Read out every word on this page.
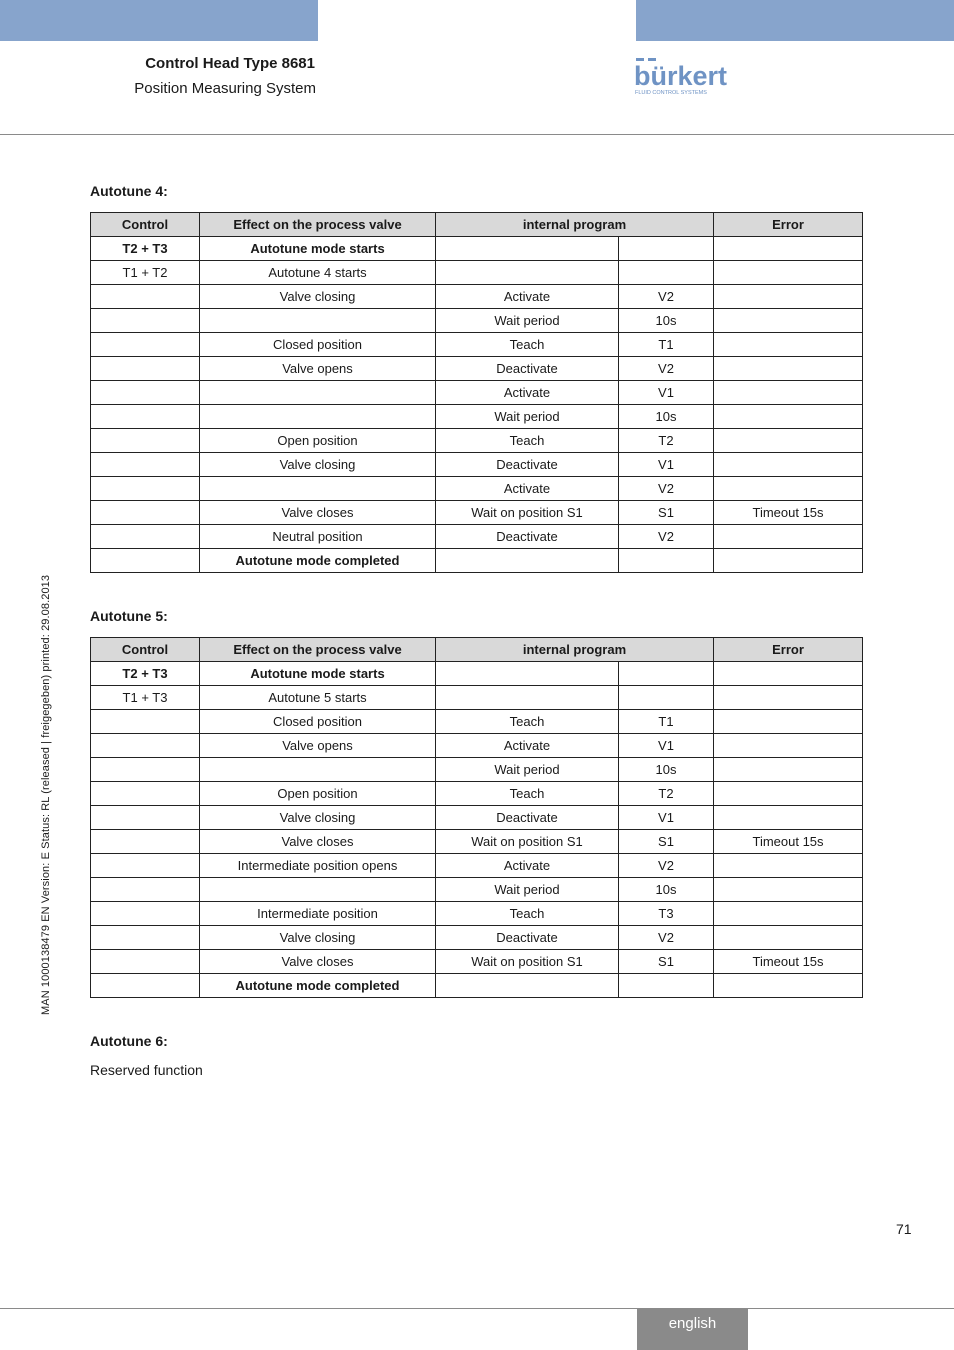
Control Head Type 8681
Position Measuring System	bürkert
FLUID CONTROL SYSTEMS
Autotune 4:
Control	Effect on the process valve	internal program		Error
T2 + T3	Autotune mode starts			
T1 + T2	Autotune 4 starts			
	Valve closing	Activate	V2	
		Wait period	10s	
	Closed position	Teach	T1	
	Valve opens	Deactivate	V2	
		Activate	V1	
		Wait period	10s	
	Open position	Teach	T2	
	Valve closing	Deactivate	V1	
		Activate	V2	
	Valve closes	Wait on position S1	S1	Timeout 15s
	Neutral position	Deactivate	V2	
	Autotune mode completed			
Autotune 5:
Control	Effect on the process valve	internal program		Error
T2 + T3	Autotune mode starts			
T1 + T3	Autotune 5 starts			
	Closed position	Teach	T1	
	Valve opens	Activate	V1	
		Wait period	10s	
	Open position	Teach	T2	
	Valve closing	Deactivate	V1	
	Valve closes	Wait on position S1	S1	Timeout 15s
	Intermediate position opens	Activate	V2	
		Wait period	10s	
	Intermediate position	Teach	T3	
	Valve closing	Deactivate	V2	
	Valve closes	Wait on position S1	S1	Timeout 15s
	Autotune mode completed			
Autotune 6:
Reserved function
MAN 1000138479 EN Version: E Status: RL (released | freigegeben) printed: 29.08.2013
71
english
